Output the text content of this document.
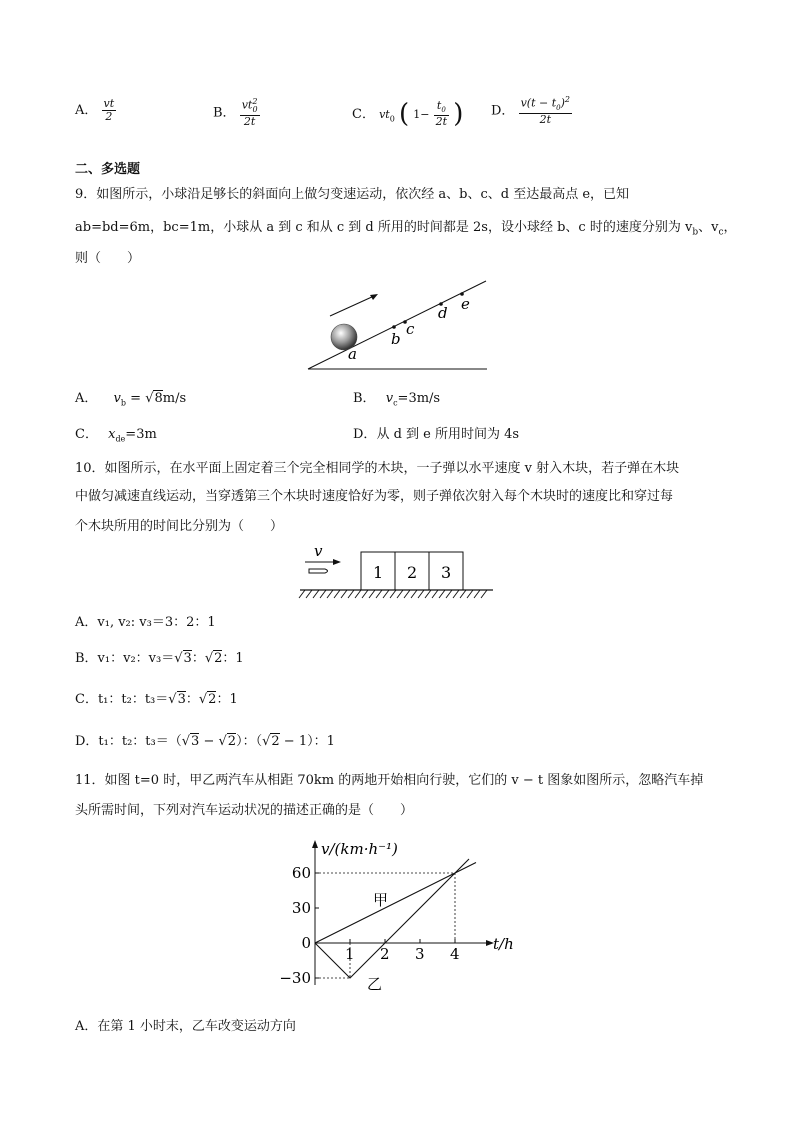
A． $\frac{vt}{2}$	B． $\frac{vt^2_0}{2t}$	C． $vt_0$ ( $1- \frac{t_0}{2t}$ ) D． $\frac{v(t - t_0)^2}{2t}$
二、多选题
9．如图所示，小球沿足够长的斜面向上做匀变速运动，依次经 a、b、c、d 至达最高点 e，已知
ab=bd=6m，bc=1m，小球从 a 到 c 和从 c 到 d 所用的时间都是 2s，设小球经 b、c 时的速度分别为 $v_b$、$v_c$，
则（　　）
a
b
c
d e
A． $v_b = √8m/s$	B． $v_c=3m/s$
C． $x_{de}=3m$	D．从 d 到 e 所用时间为 4s
10．如图所示，在水平面上固定着三个完全相同学的木块，一子弹以水平速度 v 射入木块，若子弹在木块
中做匀减速直线运动，当穿透第三个木块时速度恰好为零，则子弹依次射入每个木块时的速度比和穿过每
个木块所用的时间比分别为（　　）
v
1 2 3
A．v₁, v₂: v₃＝3：2：1
B．v₁：v₂：v₃＝√3：√2：1
C．t₁：t₂：t₃＝√3：√2：1
D．t₁：t₂：t₃＝（√3 − √2）：（√2 − 1）：1
11．如图 t=0 时，甲乙两汽车从相距 70km 的两地开始相向行驶，它们的 v − t 图象如图所示，忽略汽车掉
头所需时间，下列对汽车运动状况的描述正确的是（　　）
v/(km·h⁻¹)
t/h
1 2 3 4
60
30
0
−30
甲
乙
A．在第 1 小时末，乙车改变运动方向
